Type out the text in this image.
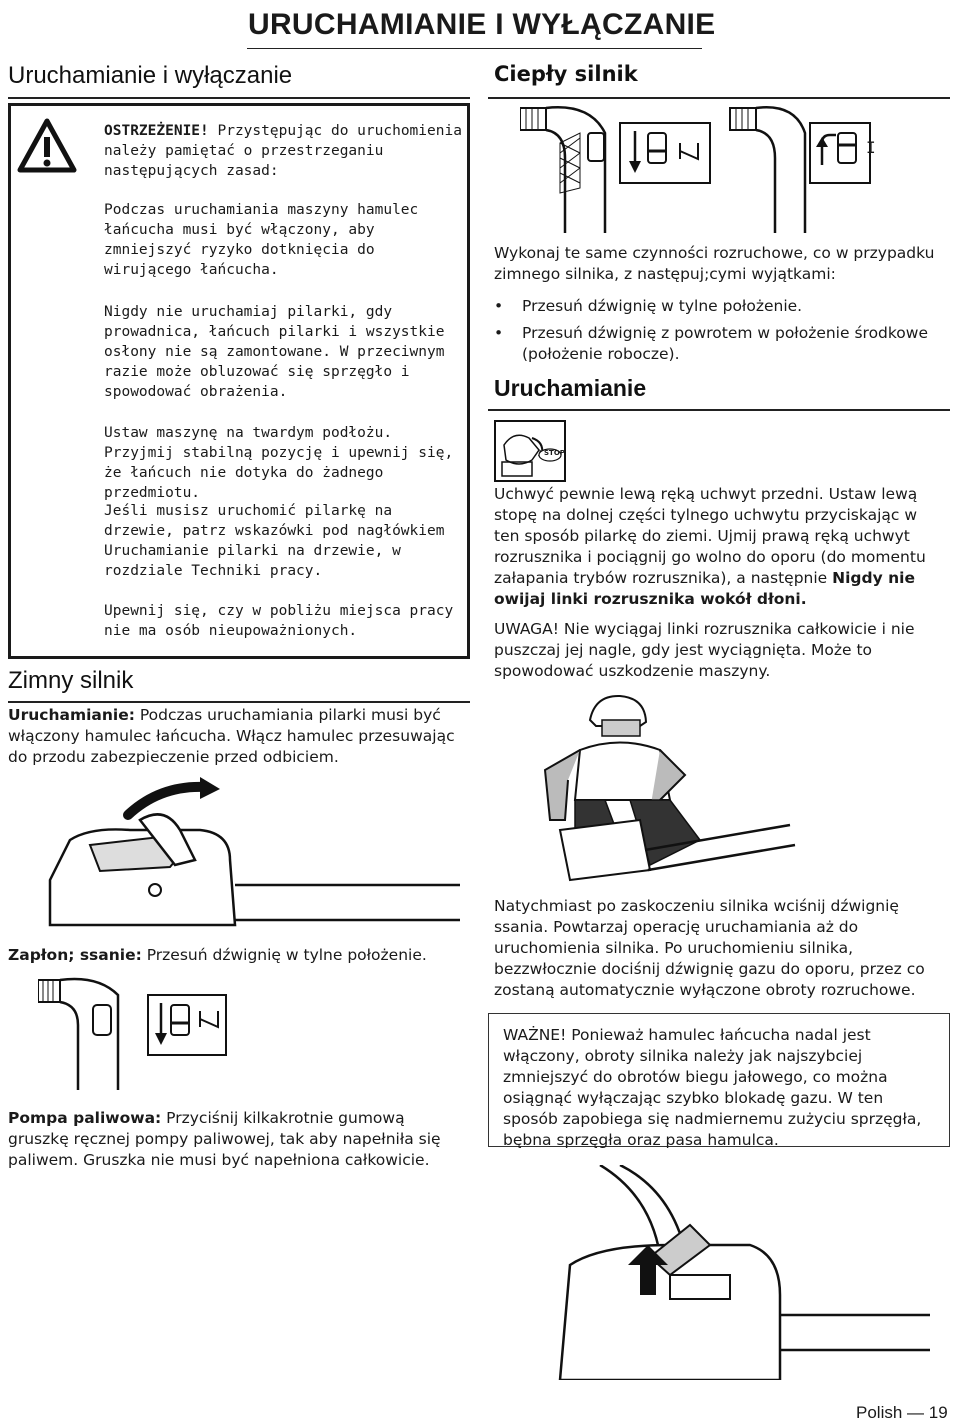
URUCHAMIANIE I WYŁĄCZANIE
Uruchamianie i wyłączanie
OSTRZEŻENIE! Przystępując do uruchomienia należy pamiętać o przestrzeganiu następujących zasad:
Podczas uruchamiania maszyny hamulec łańcucha musi być włączony, aby zmniejszyć ryzyko dotknięcia do wirującego łańcucha.
Nigdy nie uruchamiaj pilarki, gdy prowadnica, łańcuch pilarki i wszystkie osłony nie są zamontowane. W przeciwnym razie może obluzować się sprzęgło i spowodować obrażenia.
Ustaw maszynę na twardym podłożu. Przyjmij stabilną pozycję i upewnij się, że łańcuch nie dotyka do żadnego przedmiotu.
Jeśli musisz uruchomić pilarkę na drzewie, patrz wskazówki pod nagłówkiem Uruchamianie pilarki na drzewie, w rozdziale Techniki pracy.
Upewnij się, czy w pobliżu miejsca pracy nie ma osób nieupoważnionych.
Zimny silnik
Uruchamianie: Podczas uruchamiania pilarki musi być włączony hamulec łańcucha. Włącz hamulec przesuwając do przodu zabezpieczenie przed odbiciem.
Zapłon; ssanie: Przesuń dźwignię w tylne położenie.
Pompa paliwowa: Przyciśnij kilkakrotnie gumową gruszkę ręcznej pompy paliwowej, tak aby napełniła się paliwem. Gruszka nie musi być napełniona całkowicie.
Ciepły silnik
I
Wykonaj te same czynności rozruchowe, co w przypadku zimnego silnika, z następuj;cymi wyjątkami:
•	Przesuń dźwignię w tylne położenie.
•	Przesuń dźwignię z powrotem w położenie środkowe (położenie robocze).
Uruchamianie
STOP
Uchwyć pewnie lewą ręką uchwyt przedni. Ustaw lewą stopę na dolnej części tylnego uchwytu przyciskając w ten sposób pilarkę do ziemi. Ujmij prawą ręką uchwyt rozrusznika i pociągnij go wolno do oporu (do momentu załapania trybów rozrusznika), a następnie Nigdy nie owijaj linki rozrusznika wokół dłoni.
UWAGA! Nie wyciągaj linki rozrusznika całkowicie i nie puszczaj jej nagle, gdy jest wyciągnięta. Może to spowodować uszkodzenie maszyny.
Natychmiast po zaskoczeniu silnika wciśnij dźwignię ssania. Powtarzaj operację uruchamiania aż do uruchomienia silnika. Po uruchomieniu silnika, bezzwłocznie dociśnij dźwignię gazu do oporu, przez co zostaną automatycznie wyłączone obroty rozruchowe.
WAŻNE! Ponieważ hamulec łańcucha nadal jest włączony, obroty silnika należy jak najszybciej zmniejszyć do obrotów biegu jałowego, co można osiągnąć wyłączając szybko blokadę gazu. W ten sposób zapobiega się nadmiernemu zużyciu sprzęgła, bębna sprzęgła oraz pasa hamulca.
Polish — 19
